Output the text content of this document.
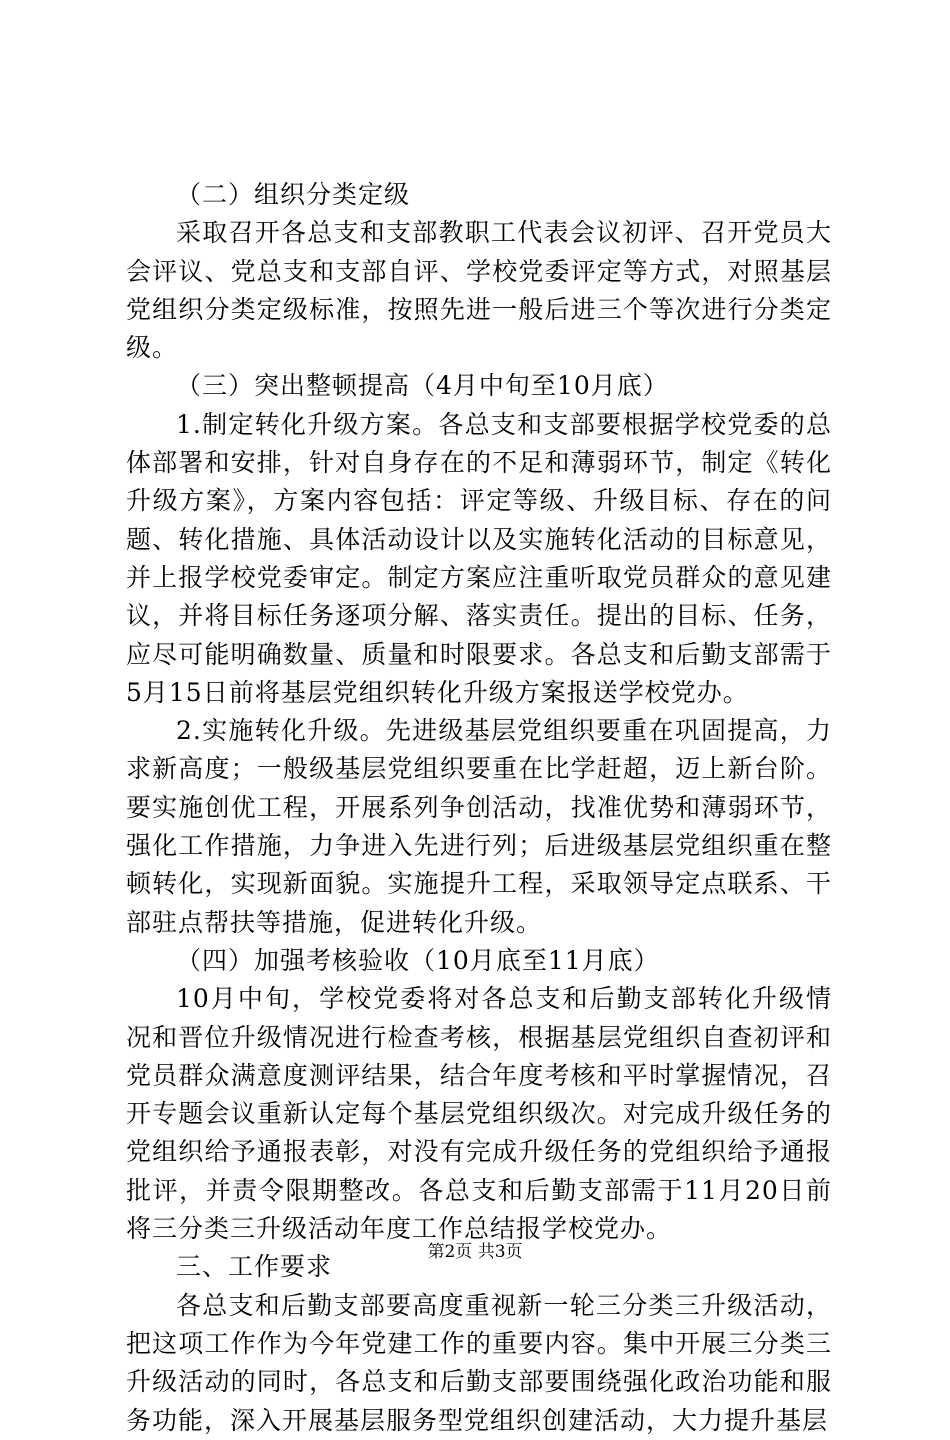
（二）组织分类定级

采取召开各总支和支部教职工代表会议初评、召开党员大会评议、党总支和支部自评、学校党委评定等方式，对照基层党组织分类定级标准，按照先进一般后进三个等次进行分类定级。

（三）突出整顿提高（4月中旬至10月底）

1.制定转化升级方案。各总支和支部要根据学校党委的总体部署和安排，针对自身存在的不足和薄弱环节，制定《转化升级方案》，方案内容包括：评定等级、升级目标、存在的问题、转化措施、具体活动设计以及实施转化活动的目标意见，并上报学校党委审定。制定方案应注重听取党员群众的意见建议，并将目标任务逐项分解、落实责任。提出的目标、任务，应尽可能明确数量、质量和时限要求。各总支和后勤支部需于5月15日前将基层党组织转化升级方案报送学校党办。

2.实施转化升级。先进级基层党组织要重在巩固提高，力求新高度；一般级基层党组织要重在比学赶超，迈上新台阶。要实施创优工程，开展系列争创活动，找准优势和薄弱环节，强化工作措施，力争进入先进行列；后进级基层党组织重在整顿转化，实现新面貌。实施提升工程，采取领导定点联系、干部驻点帮扶等措施，促进转化升级。

（四）加强考核验收（10月底至11月底）

10月中旬，学校党委将对各总支和后勤支部转化升级情况和晋位升级情况进行检查考核，根据基层党组织自查初评和党员群众满意度测评结果，结合年度考核和平时掌握情况，召开专题会议重新认定每个基层党组织级次。对完成升级任务的党组织给予通报表彰，对没有完成升级任务的党组织给予通报批评，并责令限期整改。各总支和后勤支部需于11月20日前将三分类三升级活动年度工作总结报学校党办。

三、工作要求

各总支和后勤支部要高度重视新一轮三分类三升级活动，把这项工作作为今年党建工作的重要内容。集中开展三分类三升级活动的同时，各总支和后勤支部要围绕强化政治功能和服务功能，深入开展基层服务型党组织创建活动，大力提升基层

第2页 共3页
